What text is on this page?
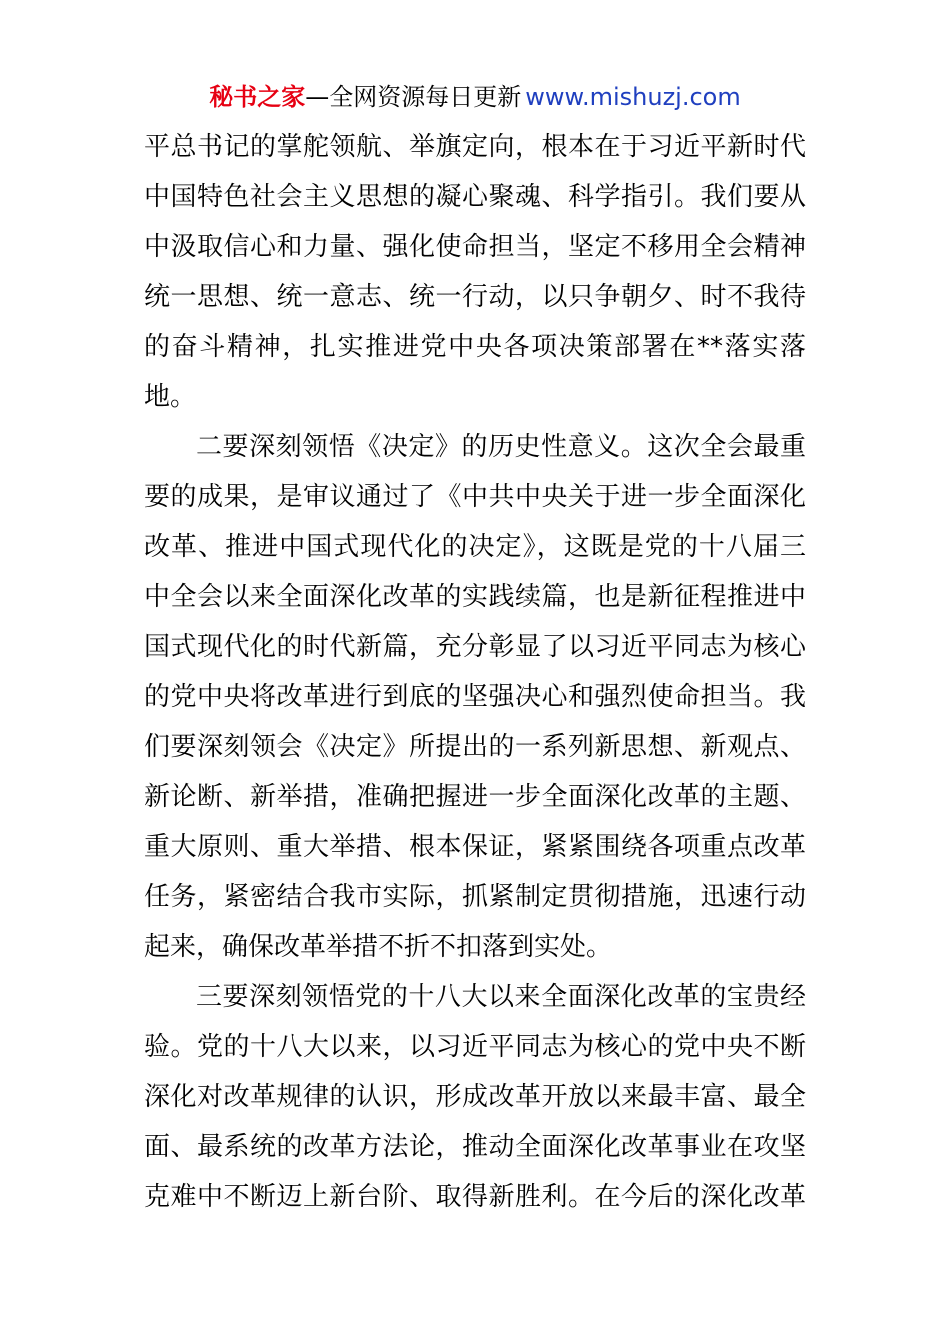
秘书之家—全网资源每日更新 www.mishuzj.com
平总书记的掌舵领航、举旗定向，根本在于习近平新时代
中国特色社会主义思想的凝心聚魂、科学指引。我们要从
中汲取信心和力量、强化使命担当，坚定不移用全会精神
统一思想、统一意志、统一行动，以只争朝夕、时不我待
的奋斗精神，扎实推进党中央各项决策部署在**落实落
地。
二要深刻领悟《决定》的历史性意义。这次全会最重
要的成果，是审议通过了《中共中央关于进一步全面深化
改革、推进中国式现代化的决定》，这既是党的十八届三
中全会以来全面深化改革的实践续篇，也是新征程推进中
国式现代化的时代新篇，充分彰显了以习近平同志为核心
的党中央将改革进行到底的坚强决心和强烈使命担当。我
们要深刻领会《决定》所提出的一系列新思想、新观点、
新论断、新举措，准确把握进一步全面深化改革的主题、
重大原则、重大举措、根本保证，紧紧围绕各项重点改革
任务，紧密结合我市实际，抓紧制定贯彻措施，迅速行动
起来，确保改革举措不折不扣落到实处。
三要深刻领悟党的十八大以来全面深化改革的宝贵经
验。党的十八大以来，以习近平同志为核心的党中央不断
深化对改革规律的认识，形成改革开放以来最丰富、最全
面、最系统的改革方法论，推动全面深化改革事业在攻坚
克难中不断迈上新台阶、取得新胜利。在今后的深化改革
